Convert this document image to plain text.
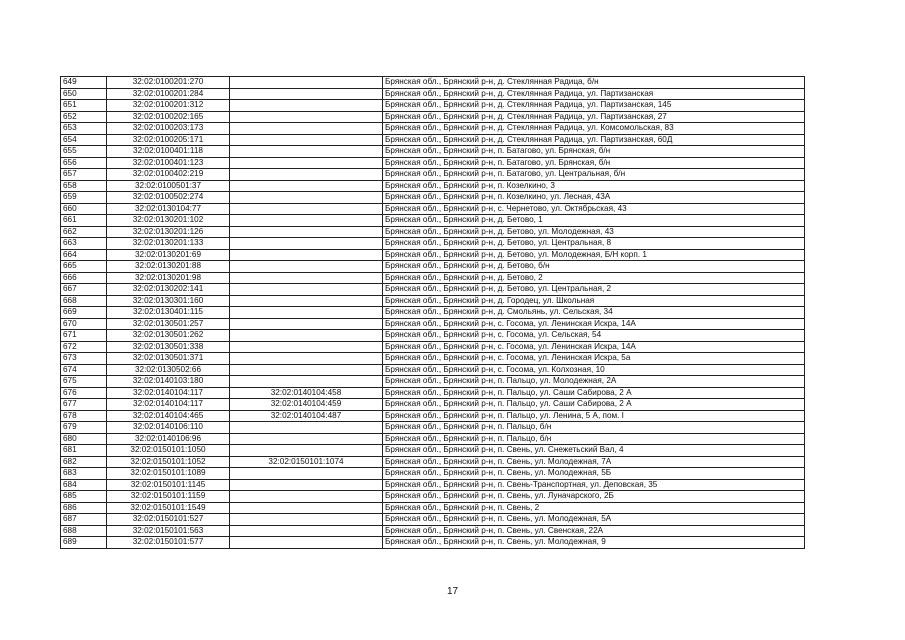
649	32:02:0100201:270		Брянская обл., Брянский р-н, д. Стеклянная Радица, б/н
650	32:02:0100201:284		Брянская обл., Брянский р-н, д. Стеклянная Радица, ул. Партизанская
651	32:02:0100201:312		Брянская обл., Брянский р-н, д. Стеклянная Радица, ул. Партизанская, 145
652	32:02:0100202:165		Брянская обл., Брянский р-н, д. Стеклянная Радица, ул. Партизанская, 27
653	32:02:0100203:173		Брянская обл., Брянский р-н, д. Стеклянная Радица, ул. Комсомольская, 83
654	32:02:0100205:171		Брянская обл., Брянский р-н, д. Стеклянная Радица, ул. Партизанская, 60Д
655	32:02:0100401:118		Брянская обл., Брянский р-н, п. Батагово, ул. Брянская, б/н
656	32:02:0100401:123		Брянская обл., Брянский р-н, п. Батагово, ул. Брянская, б/н
657	32:02:0100402:219		Брянская обл., Брянский р-н, п. Батагово, ул. Центральная, б/н
658	32:02:0100501:37		Брянская обл., Брянский р-н, п. Козелкино, 3
659	32:02:0100502:274		Брянская обл., Брянский р-н, п. Козелкино, ул. Лесная, 43А
660	32:02:0130104:77		Брянская обл., Брянский р-н, с. Чернетово, ул. Октябрьская, 43
661	32:02:0130201:102		Брянская обл., Брянский р-н, д. Бетово, 1
662	32:02:0130201:126		Брянская обл., Брянский р-н, д. Бетово, ул. Молодежная, 43
663	32:02:0130201:133		Брянская обл., Брянский р-н, д. Бетово, ул. Центральная, 8
664	32:02:0130201:69		Брянская обл., Брянский р-н, д. Бетово, ул. Молодежная, Б/Н корп. 1
665	32:02:0130201:88		Брянская обл., Брянский р-н, д. Бетово, б/н
666	32:02:0130201:98		Брянская обл., Брянский р-н, д. Бетово, 2
667	32:02:0130202:141		Брянская обл., Брянский р-н, д. Бетово, ул. Центральная, 2
668	32:02:0130301:160		Брянская обл., Брянский р-н, д. Городец, ул. Школьная
669	32:02:0130401:115		Брянская обл., Брянский р-н, д. Смольянь, ул. Сельская, 34
670	32:02:0130501:257		Брянская обл., Брянский р-н, с. Госома, ул. Ленинская Искра, 14А
671	32:02:0130501:262		Брянская обл., Брянский р-н, с. Госома, ул. Сельская, 54
672	32:02:0130501:338		Брянская обл., Брянский р-н, с. Госома, ул. Ленинская Искра, 14А
673	32:02:0130501:371		Брянская обл., Брянский р-н, с. Госома, ул. Ленинская Искра, 5а
674	32:02:0130502:66		Брянская обл., Брянский р-н, с. Госома, ул. Колхозная, 10
675	32:02:0140103:180		Брянская обл., Брянский р-н, п. Пальцо, ул. Молодежная, 2А
676	32:02:0140104:117	32:02:0140104:458	Брянская обл., Брянский р-н, п. Пальцо, ул. Саши Сабирова, 2 А
677	32:02:0140104:117	32:02:0140104:459	Брянская обл., Брянский р-н, п. Пальцо, ул. Саши Сабирова, 2 А
678	32:02:0140104:465	32:02:0140104:487	Брянская обл., Брянский р-н, п. Пальцо, ул. Ленина, 5 А, пом. I
679	32:02:0140106:110		Брянская обл., Брянский р-н, п. Пальцо, б/н
680	32:02:0140106:96		Брянская обл., Брянский р-н, п. Пальцо, б/н
681	32:02:0150101:1050		Брянская обл., Брянский р-н, п. Свень, ул. Снежетьский Вал, 4
682	32:02:0150101:1052	32:02:0150101:1074	Брянская обл., Брянский р-н, п. Свень, ул. Молодежная, 7А
683	32:02:0150101:1089		Брянская обл., Брянский р-н, п. Свень, ул. Молодежная, 5Б
684	32:02:0150101:1145		Брянская обл., Брянский р-н, п. Свень-Транспортная, ул. Деповская, 35
685	32:02:0150101:1159		Брянская обл., Брянский р-н, п. Свень, ул. Луначарского, 2Б
686	32:02:0150101:1549		Брянская обл., Брянский р-н, п. Свень, 2
687	32:02:0150101:527		Брянская обл., Брянский р-н, п. Свень, ул. Молодежная, 5А
688	32:02:0150101:563		Брянская обл., Брянский р-н, п. Свень, ул. Свенская, 22А
689	32:02:0150101:577		Брянская обл., Брянский р-н, п. Свень, ул. Молодежная, 9
17
